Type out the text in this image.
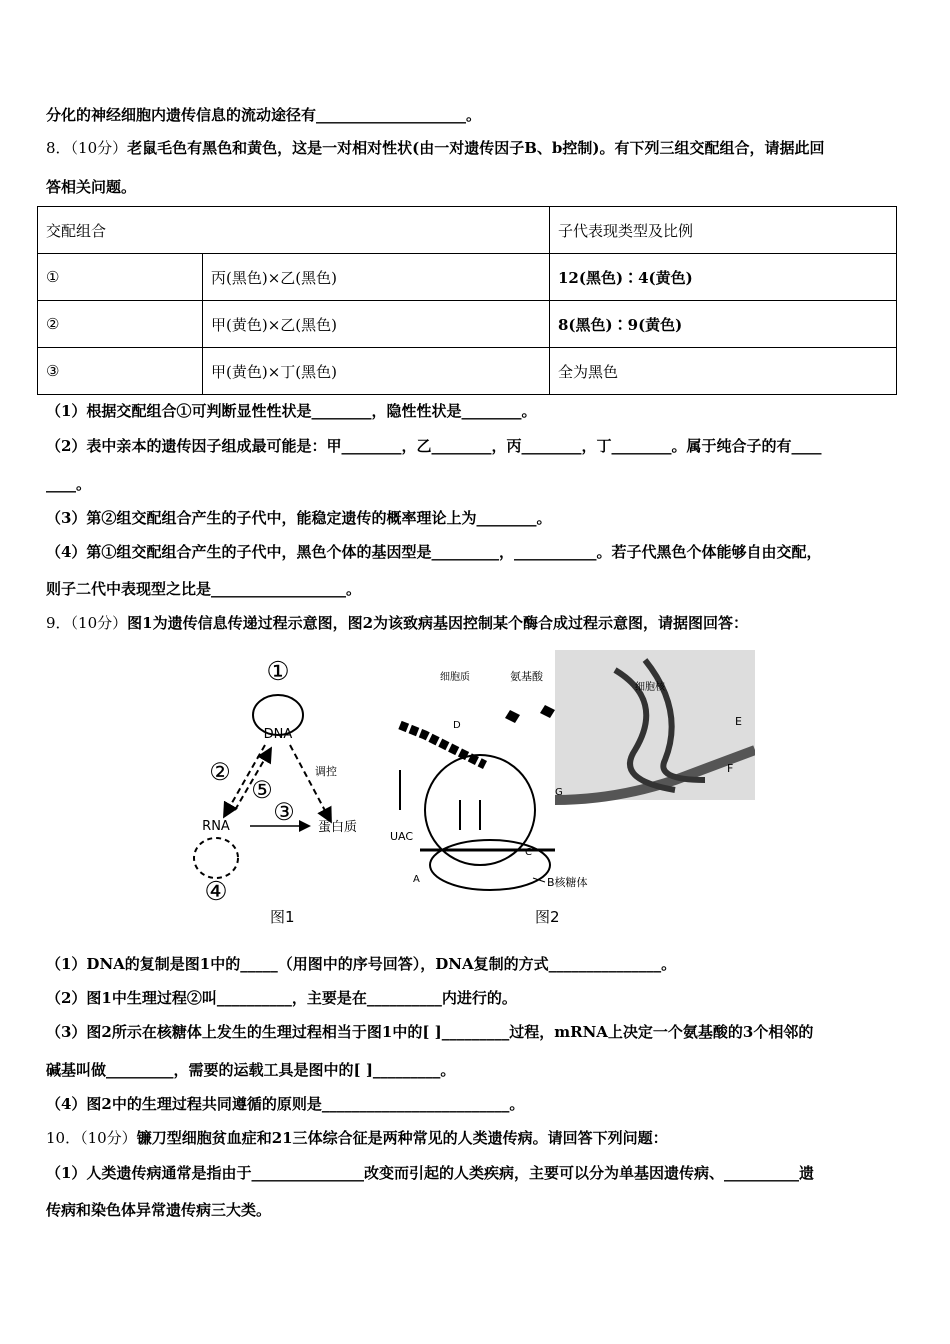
分化的神经细胞内遗传信息的流动途径有____________________。
8．（10分）老鼠毛色有黑色和黄色，这是一对相对性状(由一对遗传因子B、b控制)。有下列三组交配组合，请据此回
答相关问题。
交配组合		子代表现类型及比例
①	丙(黑色)×乙(黑色)	12(黑色)∶4(黄色)
②	甲(黄色)×乙(黑色)	8(黑色)∶9(黄色)
③	甲(黄色)×丁(黑色)	全为黑色
（1）根据交配组合①可判断显性性状是________，隐性性状是________。
（2）表中亲本的遗传因子组成最可能是：甲________，乙________，丙________，丁________。属于纯合子的有____
____。
（3）第②组交配组合产生的子代中，能稳定遗传的概率理论上为________。
（4）第①组交配组合产生的子代中，黑色个体的基因型是_________，___________。若子代黑色个体能够自由交配，
则子二代中表现型之比是__________________。
9．（10分）图1为遗传信息传递过程示意图，图2为该致病基因控制某个酶合成过程示意图，请据图回答：
①
DNA
调控
②
⑤
③
RNA	蛋白质
④
图1
细胞核
E
F
细胞质	氨基酸
D
UAC
A
G
C
B核糖体
图2
（1）DNA的复制是图1中的_____（用图中的序号回答），DNA复制的方式_______________。
（2）图1中生理过程②叫__________，主要是在__________内进行的。
（3）图2所示在核糖体上发生的生理过程相当于图1中的[ ]_________过程，mRNA上决定一个氨基酸的3个相邻的
碱基叫做_________，需要的运载工具是图中的[ ]_________。
（4）图2中的生理过程共同遵循的原则是_________________________。
10．（10分）镰刀型细胞贫血症和21三体综合征是两种常见的人类遗传病。请回答下列问题：
（1）人类遗传病通常是指由于_______________改变而引起的人类疾病，主要可以分为单基因遗传病、__________遗
传病和染色体异常遗传病三大类。
